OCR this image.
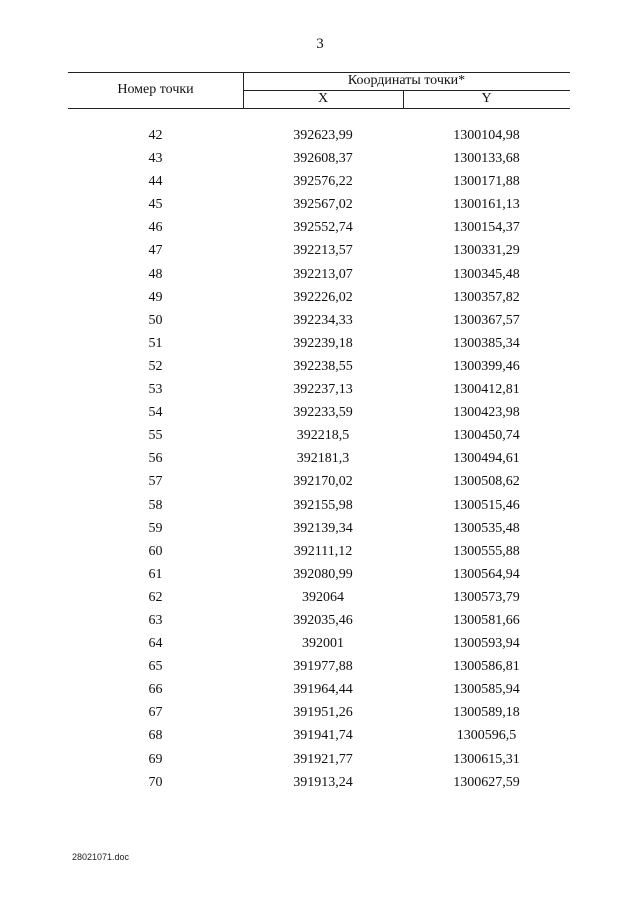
3
Номер точки
Координаты точки*
X	Y
42	392623,99	1300104,98
43	392608,37	1300133,68
44	392576,22	1300171,88
45	392567,02	1300161,13
46	392552,74	1300154,37
47	392213,57	1300331,29
48	392213,07	1300345,48
49	392226,02	1300357,82
50	392234,33	1300367,57
51	392239,18	1300385,34
52	392238,55	1300399,46
53	392237,13	1300412,81
54	392233,59	1300423,98
55	392218,5	1300450,74
56	392181,3	1300494,61
57	392170,02	1300508,62
58	392155,98	1300515,46
59	392139,34	1300535,48
60	392111,12	1300555,88
61	392080,99	1300564,94
62	392064	1300573,79
63	392035,46	1300581,66
64	392001	1300593,94
65	391977,88	1300586,81
66	391964,44	1300585,94
67	391951,26	1300589,18
68	391941,74	1300596,5
69	391921,77	1300615,31
70	391913,24	1300627,59
28021071.doc
